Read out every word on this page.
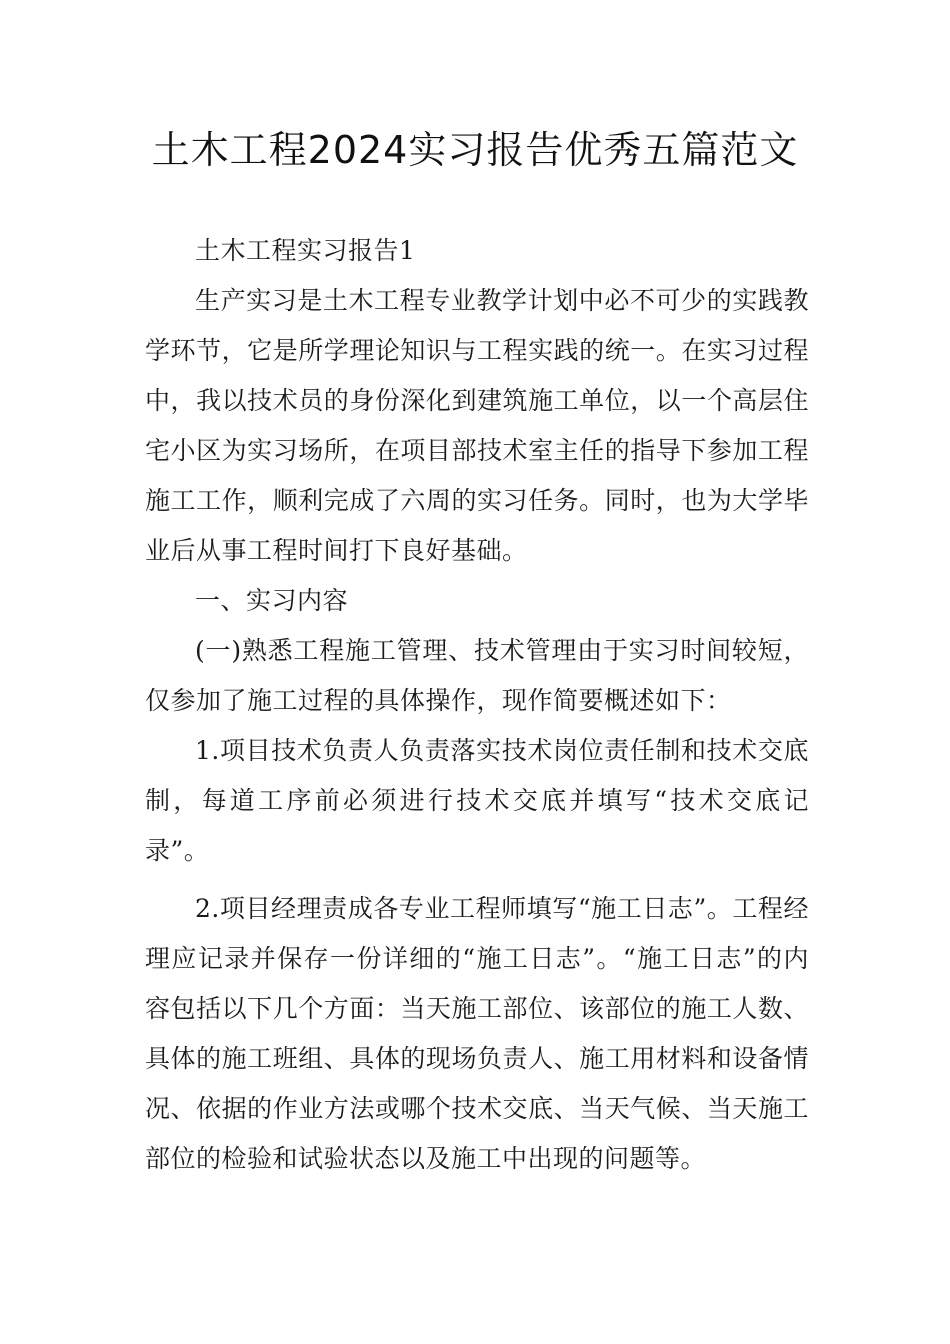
土木工程2024实习报告优秀五篇范文

土木工程实习报告1

生产实习是土木工程专业教学计划中必不可少的实践教学环节，它是所学理论知识与工程实践的统一。在实习过程中，我以技术员的身份深化到建筑施工单位，以一个高层住宅小区为实习场所，在项目部技术室主任的指导下参加工程施工工作，顺利完成了六周的实习任务。同时，也为大学毕业后从事工程时间打下良好基础。

一、实习内容

(一)熟悉工程施工管理、技术管理由于实习时间较短，仅参加了施工过程的具体操作，现作简要概述如下：

1.项目技术负责人负责落实技术岗位责任制和技术交底制，每道工序前必须进行技术交底并填写“技术交底记录”。

2.项目经理责成各专业工程师填写“施工日志”。工程经理应记录并保存一份详细的“施工日志”。“施工日志”的内容包括以下几个方面：当天施工部位、该部位的施工人数、具体的施工班组、具体的现场负责人、施工用材料和设备情况、依据的作业方法或哪个技术交底、当天气候、当天施工部位的检验和试验状态以及施工中出现的问题等。
